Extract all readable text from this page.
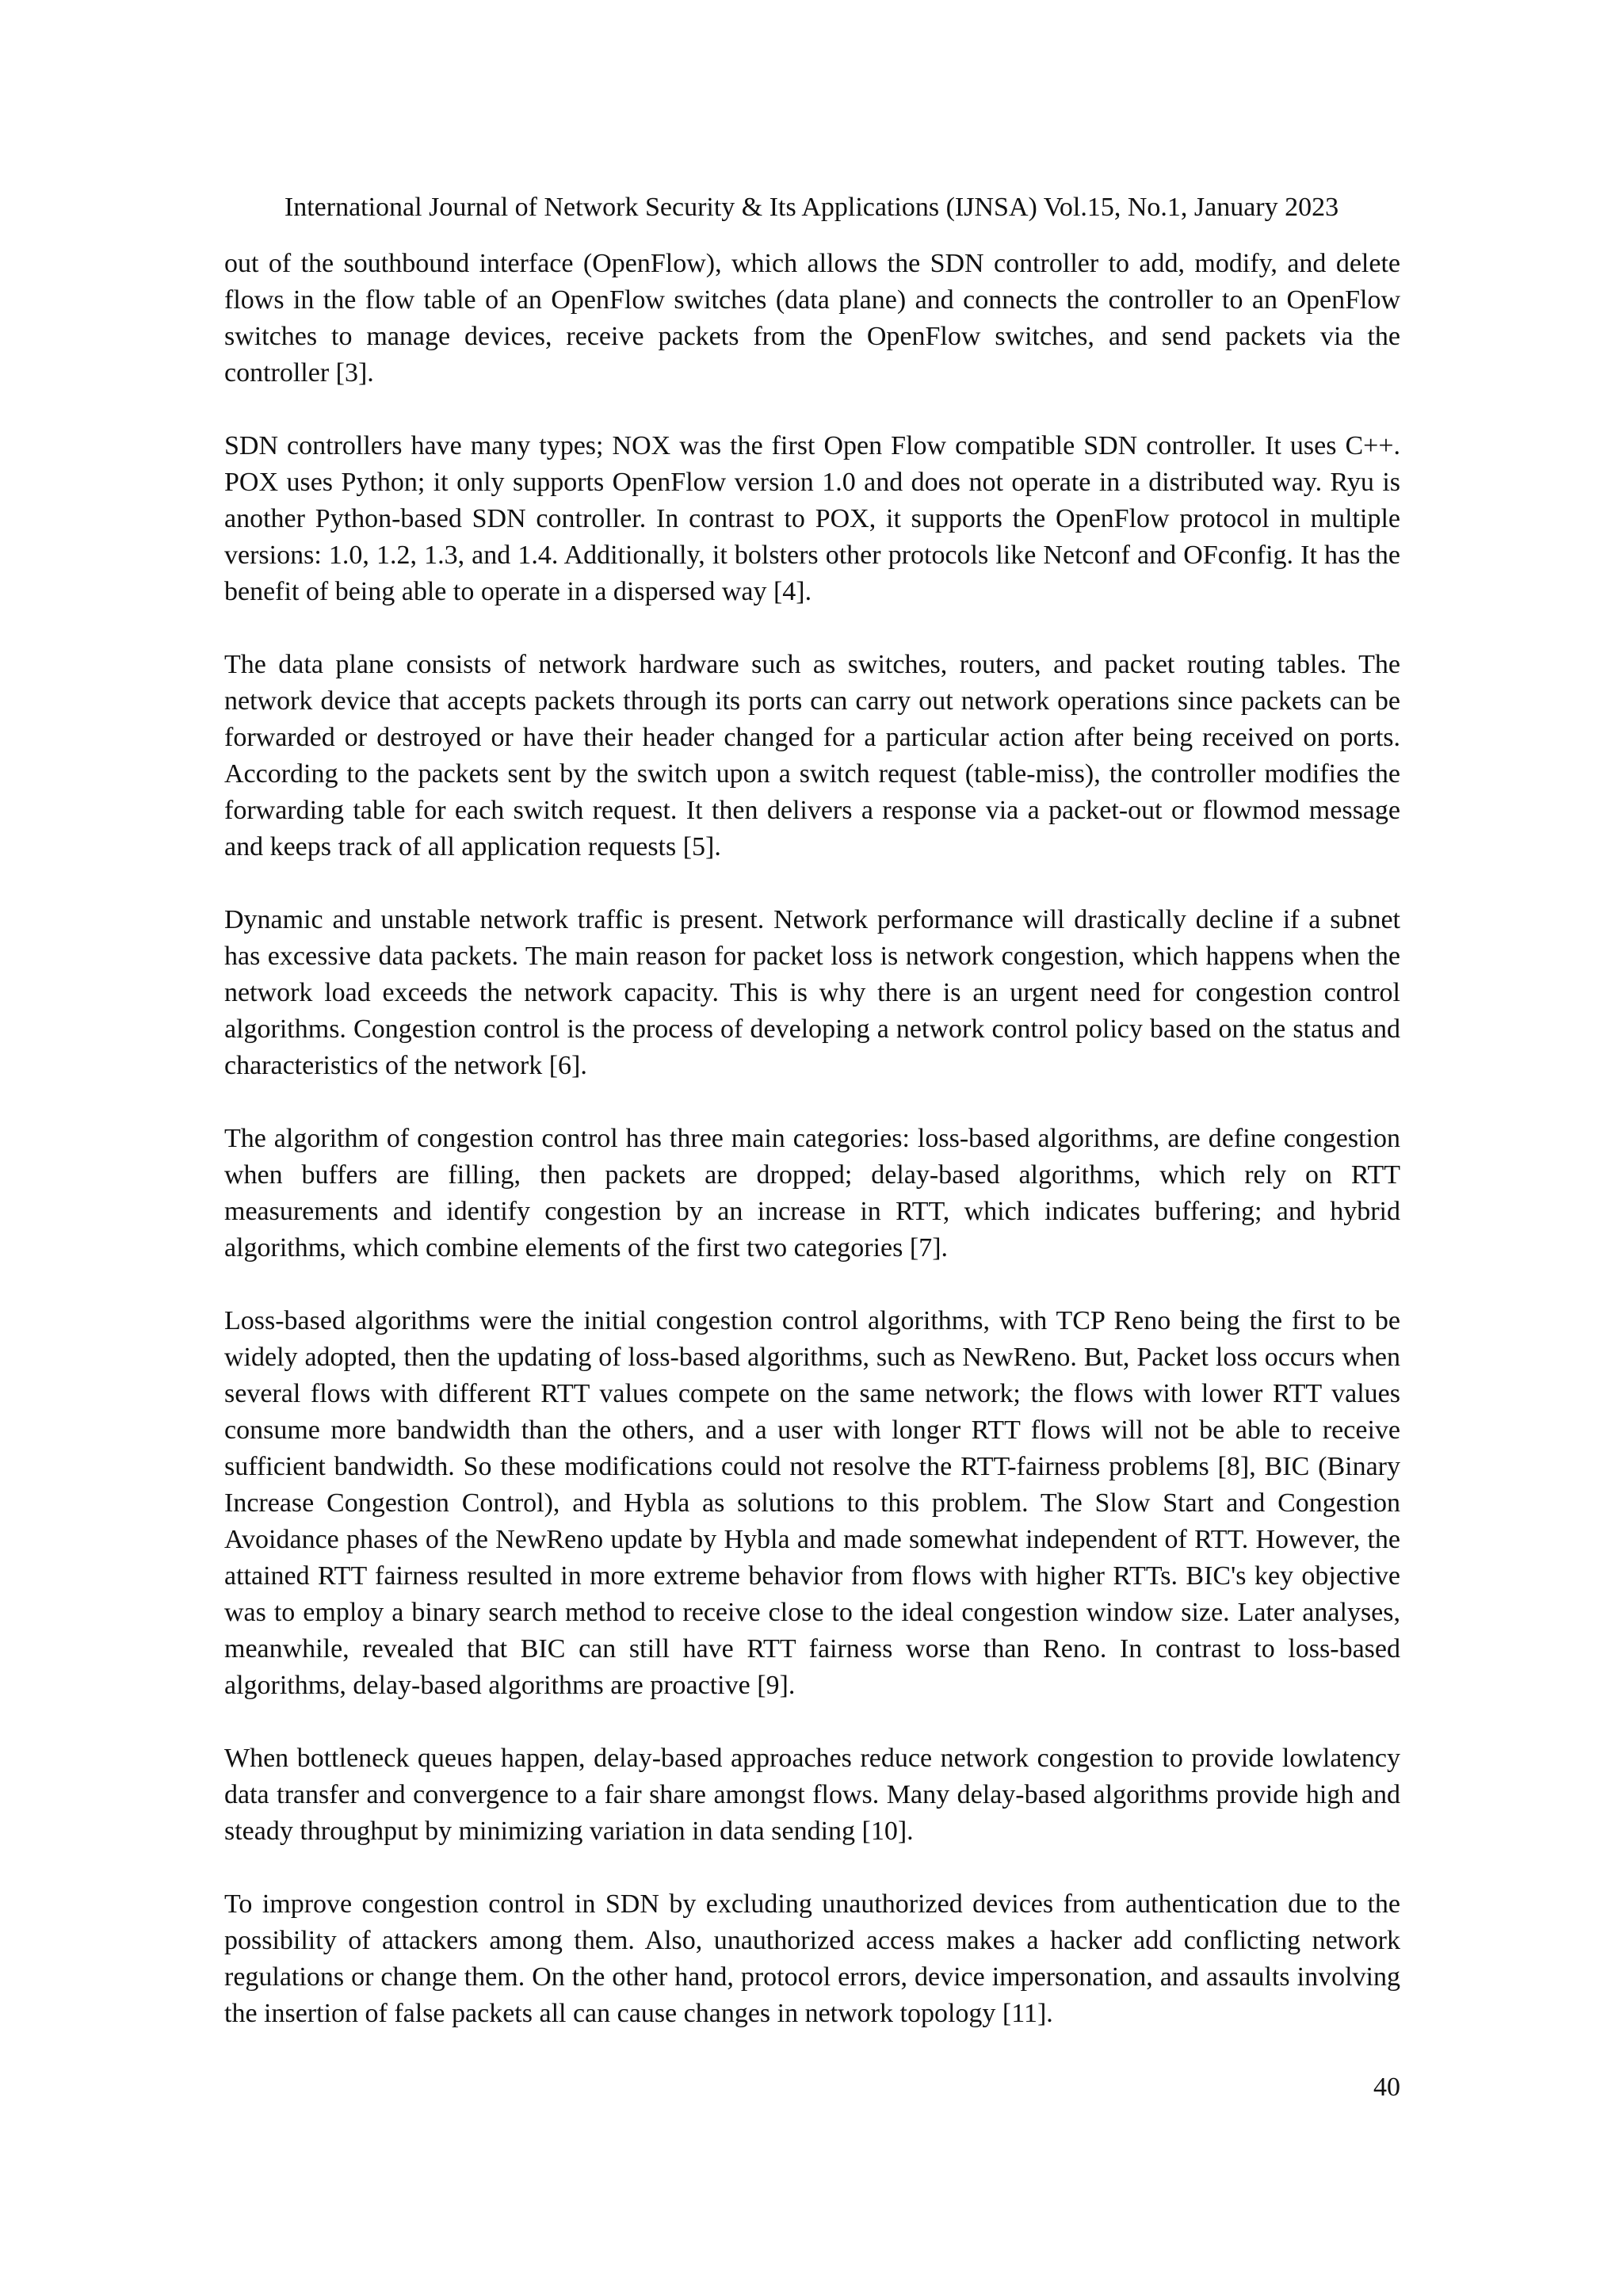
International Journal of Network Security & Its Applications (IJNSA) Vol.15, No.1, January 2023

out of the southbound interface (OpenFlow), which allows the SDN controller to add, modify, and delete flows in the flow table of an OpenFlow switches (data plane) and connects the controller to an OpenFlow switches to manage devices, receive packets from the OpenFlow switches, and send packets via the controller [3].

SDN controllers have many types; NOX was the first Open Flow compatible SDN controller. It uses C++. POX uses Python; it only supports OpenFlow version 1.0 and does not operate in a distributed way. Ryu is another Python-based SDN controller. In contrast to POX, it supports the OpenFlow protocol in multiple versions: 1.0, 1.2, 1.3, and 1.4. Additionally, it bolsters other protocols like Netconf and OFconfig. It has the benefit of being able to operate in a dispersed way [4].

The data plane consists of network hardware such as switches, routers, and packet routing tables. The network device that accepts packets through its ports can carry out network operations since packets can be forwarded or destroyed or have their header changed for a particular action after being received on ports. According to the packets sent by the switch upon a switch request (table-miss), the controller modifies the forwarding table for each switch request. It then delivers a response via a packet-out or flowmod message and keeps track of all application requests [5].

Dynamic and unstable network traffic is present. Network performance will drastically decline if a subnet has excessive data packets. The main reason for packet loss is network congestion, which happens when the network load exceeds the network capacity. This is why there is an urgent need for congestion control algorithms. Congestion control is the process of developing a network control policy based on the status and characteristics of the network [6].

The algorithm of congestion control has three main categories: loss-based algorithms, are define congestion when buffers are filling, then packets are dropped; delay-based algorithms, which rely on RTT measurements and identify congestion by an increase in RTT, which indicates buffering; and hybrid algorithms, which combine elements of the first two categories [7].

Loss-based algorithms were the initial congestion control algorithms, with TCP Reno being the first to be widely adopted, then the updating of loss-based algorithms, such as NewReno. But, Packet loss occurs when several flows with different RTT values compete on the same network; the flows with lower RTT values consume more bandwidth than the others, and a user with longer RTT flows will not be able to receive sufficient bandwidth. So these modifications could not resolve the RTT-fairness problems [8], BIC (Binary Increase Congestion Control), and Hybla as solutions to this problem. The Slow Start and Congestion Avoidance phases of the NewReno update by Hybla and made somewhat independent of RTT. However, the attained RTT fairness resulted in more extreme behavior from flows with higher RTTs. BIC's key objective was to employ a binary search method to receive close to the ideal congestion window size. Later analyses, meanwhile, revealed that BIC can still have RTT fairness worse than Reno. In contrast to loss-based algorithms, delay-based algorithms are proactive [9].

When bottleneck queues happen, delay-based approaches reduce network congestion to provide lowlatency data transfer and convergence to a fair share amongst flows. Many delay-based algorithms provide high and steady throughput by minimizing variation in data sending [10].

To improve congestion control in SDN by excluding unauthorized devices from authentication due to the possibility of attackers among them. Also, unauthorized access makes a hacker add conflicting network regulations or change them. On the other hand, protocol errors, device impersonation, and assaults involving the insertion of false packets all can cause changes in network topology [11].

40
